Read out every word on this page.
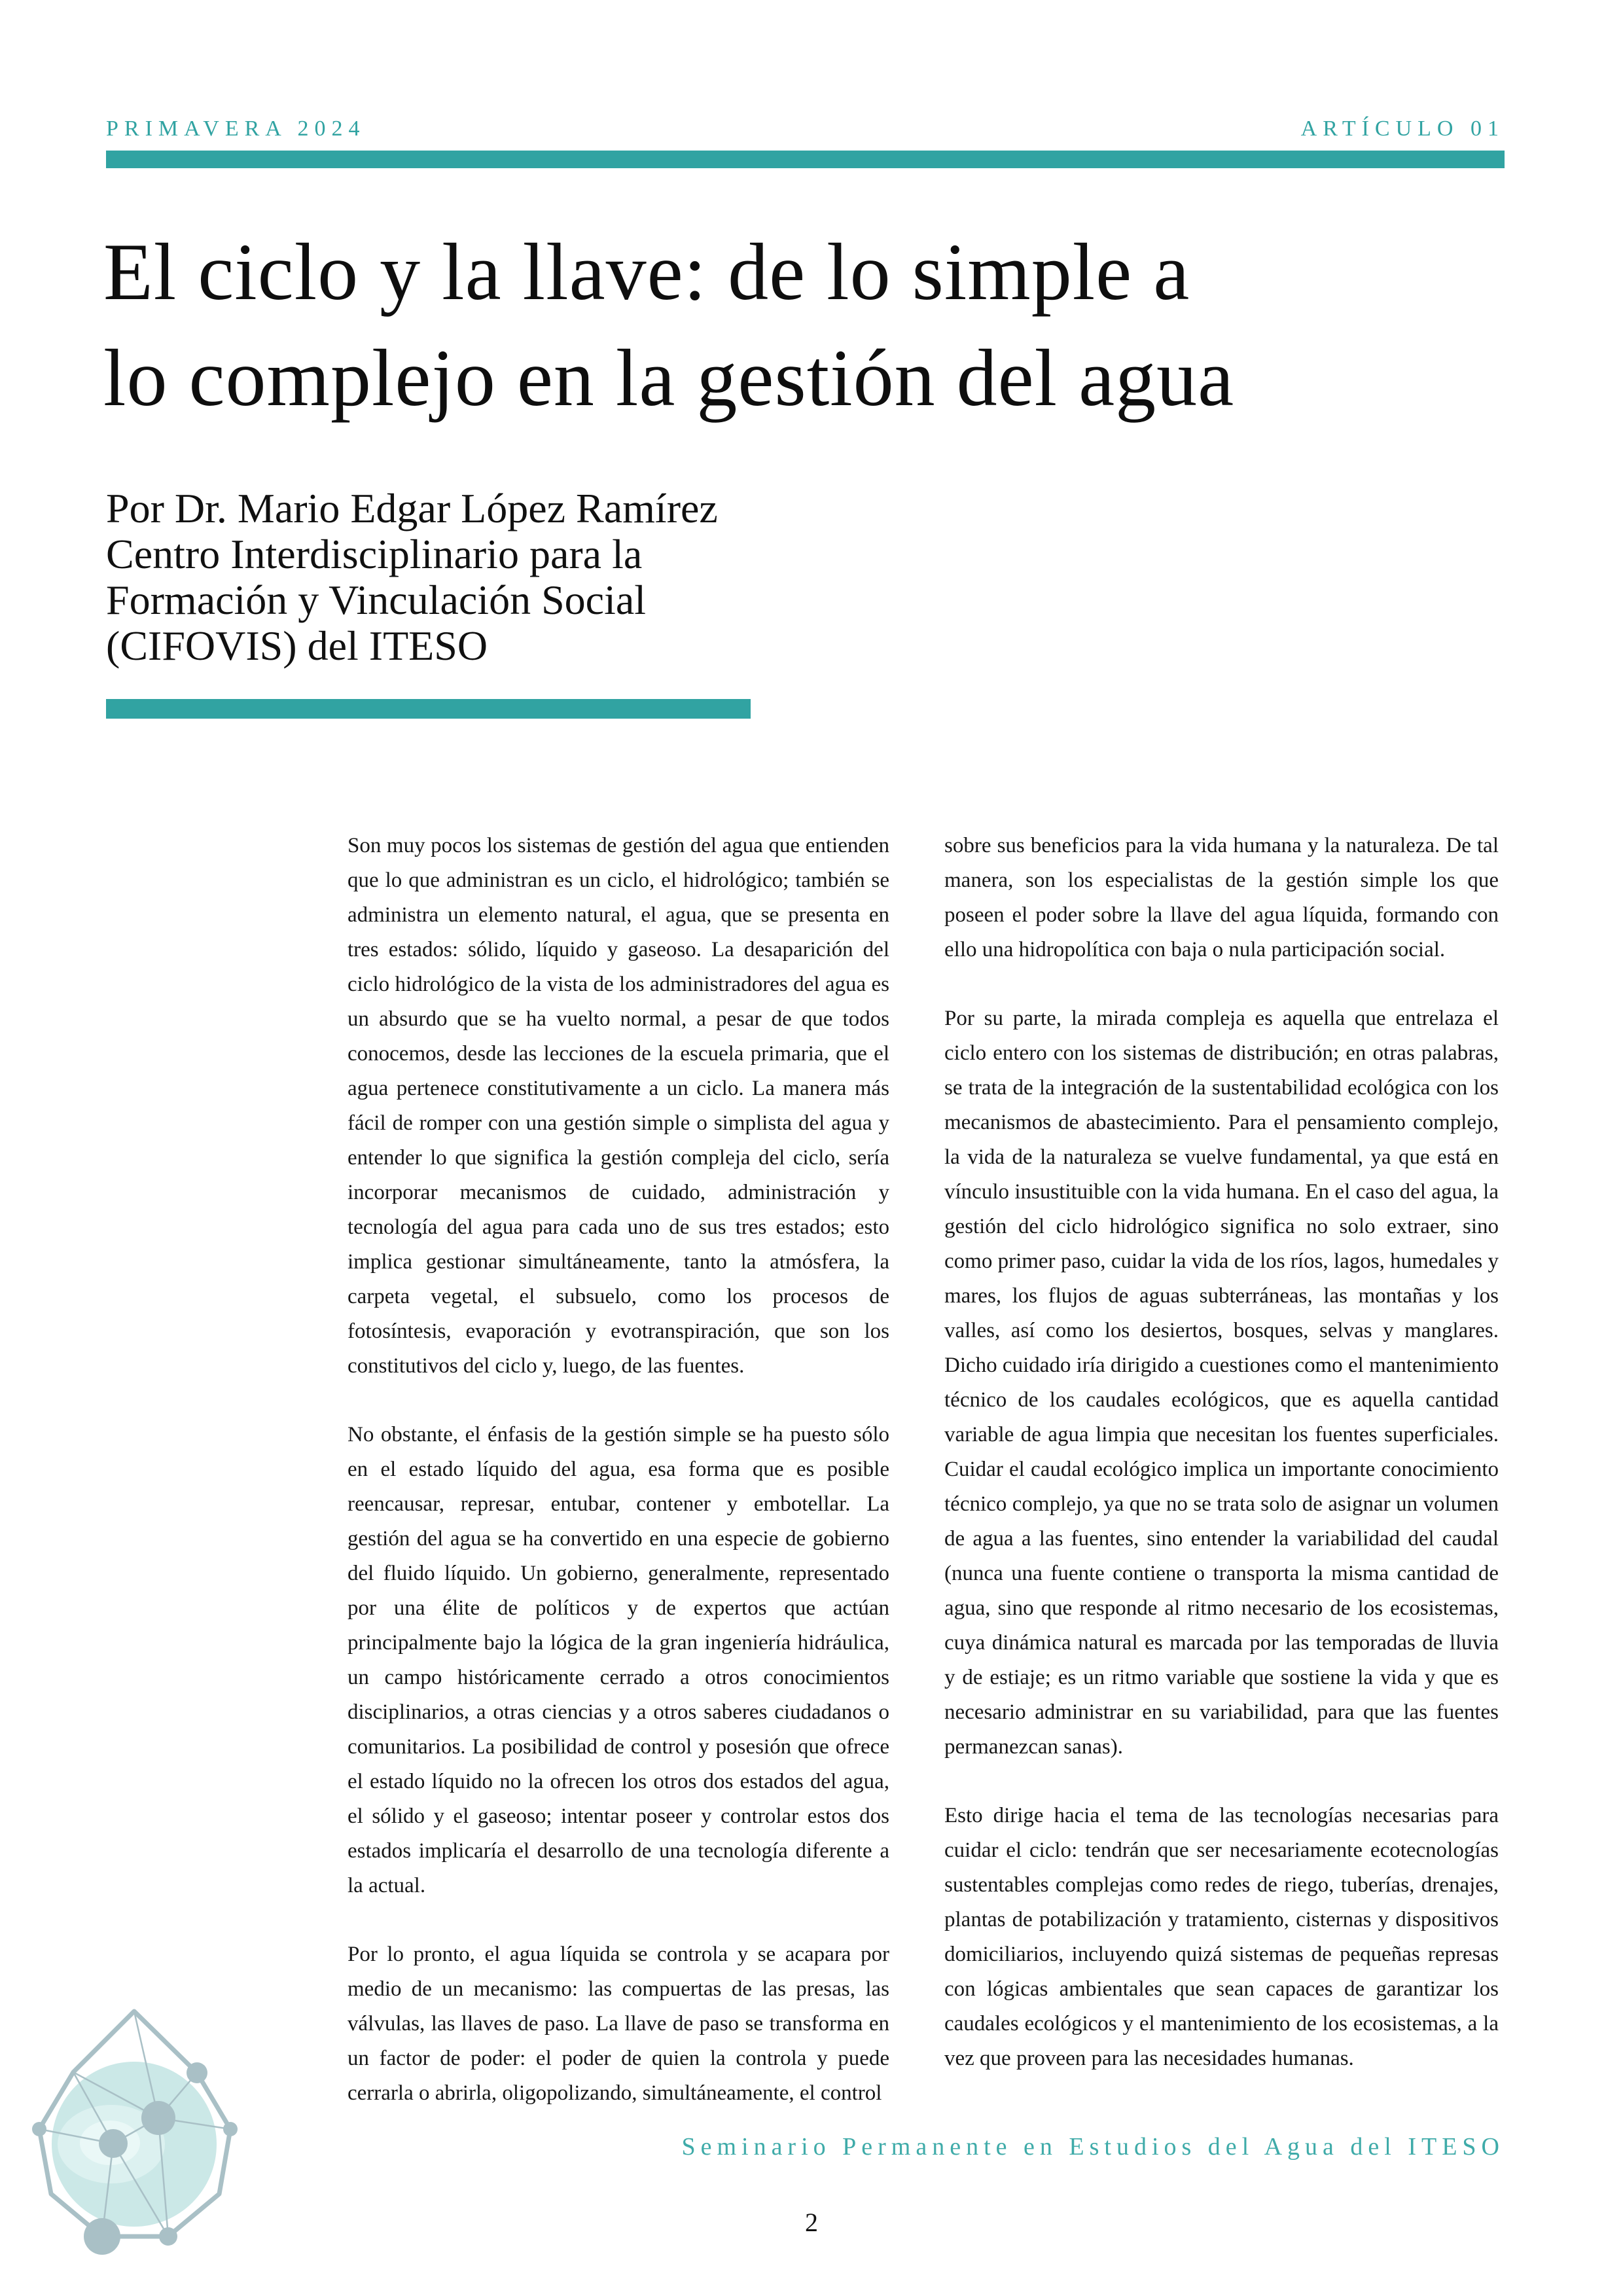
PRIMAVERA 2024	ARTÍCULO 01
El ciclo y la llave: de lo simple a
lo complejo en la gestión del agua
Por Dr. Mario Edgar López Ramírez
Centro Interdisciplinario para la
Formación y Vinculación Social
(CIFOVIS) del ITESO

Son muy pocos los sistemas de gestión del agua que entienden que lo que administran es un ciclo, el hidrológico; también se administra un elemento natural, el agua, que se presenta en tres estados: sólido, líquido y gaseoso. La desaparición del ciclo hidrológico de la vista de los administradores del agua es un absurdo que se ha vuelto normal, a pesar de que todos conocemos, desde las lecciones de la escuela primaria, que el agua pertenece constitutivamente a un ciclo. La manera más fácil de romper con una gestión simple o simplista del agua y entender lo que significa la gestión compleja del ciclo, sería incorporar mecanismos de cuidado, administración y tecnología del agua para cada uno de sus tres estados; esto implica gestionar simultáneamente, tanto la atmósfera, la carpeta vegetal, el subsuelo, como los procesos de fotosíntesis, evaporación y evotranspiración, que son los constitutivos del ciclo y, luego, de las fuentes.

No obstante, el énfasis de la gestión simple se ha puesto sólo en el estado líquido del agua, esa forma que es posible reencausar, represar, entubar, contener y embotellar. La gestión del agua se ha convertido en una especie de gobierno del fluido líquido. Un gobierno, generalmente, representado por una élite de políticos y de expertos que actúan principalmente bajo la lógica de la gran ingeniería hidráulica, un campo históricamente cerrado a otros conocimientos disciplinarios, a otras ciencias y a otros saberes ciudadanos o comunitarios. La posibilidad de control y posesión que ofrece el estado líquido no la ofrecen los otros dos estados del agua, el sólido y el gaseoso; intentar poseer y controlar estos dos estados implicaría el desarrollo de una tecnología diferente a la actual.

Por lo pronto, el agua líquida se controla y se acapara por medio de un mecanismo: las compuertas de las presas, las válvulas, las llaves de paso. La llave de paso se transforma en un factor de poder: el poder de quien la controla y puede cerrarla o abrirla, oligopolizando, simultáneamente, el control

sobre sus beneficios para la vida humana y la naturaleza. De tal manera, son los especialistas de la gestión simple los que poseen el poder sobre la llave del agua líquida, formando con ello una hidropolítica con baja o nula participación social.

Por su parte, la mirada compleja es aquella que entrelaza el ciclo entero con los sistemas de distribución; en otras palabras, se trata de la integración de la sustentabilidad ecológica con los mecanismos de abastecimiento. Para el pensamiento complejo, la vida de la naturaleza se vuelve fundamental, ya que está en vínculo insustituible con la vida humana. En el caso del agua, la gestión del ciclo hidrológico significa no solo extraer, sino como primer paso, cuidar la vida de los ríos, lagos, humedales y mares, los flujos de aguas subterráneas, las montañas y los valles, así como los desiertos, bosques, selvas y manglares. Dicho cuidado iría dirigido a cuestiones como el mantenimiento técnico de los caudales ecológicos, que es aquella cantidad variable de agua limpia que necesitan los fuentes superficiales. Cuidar el caudal ecológico implica un importante conocimiento técnico complejo, ya que no se trata solo de asignar un volumen de agua a las fuentes, sino entender la variabilidad del caudal (nunca una fuente contiene o transporta la misma cantidad de agua, sino que responde al ritmo necesario de los ecosistemas, cuya dinámica natural es marcada por las temporadas de lluvia y de estiaje; es un ritmo variable que sostiene la vida y que es necesario administrar en su variabilidad, para que las fuentes permanezcan sanas).

Esto dirige hacia el tema de las tecnologías necesarias para cuidar el ciclo: tendrán que ser necesariamente ecotecnologías sustentables complejas como redes de riego, tuberías, drenajes, plantas de potabilización y tratamiento, cisternas y dispositivos domiciliarios, incluyendo quizá sistemas de pequeñas represas con lógicas ambientales que sean capaces de garantizar los caudales ecológicos y el mantenimiento de los ecosistemas, a la vez que proveen para las necesidades humanas.

Seminario Permanente en Estudios del Agua del ITESO
2
